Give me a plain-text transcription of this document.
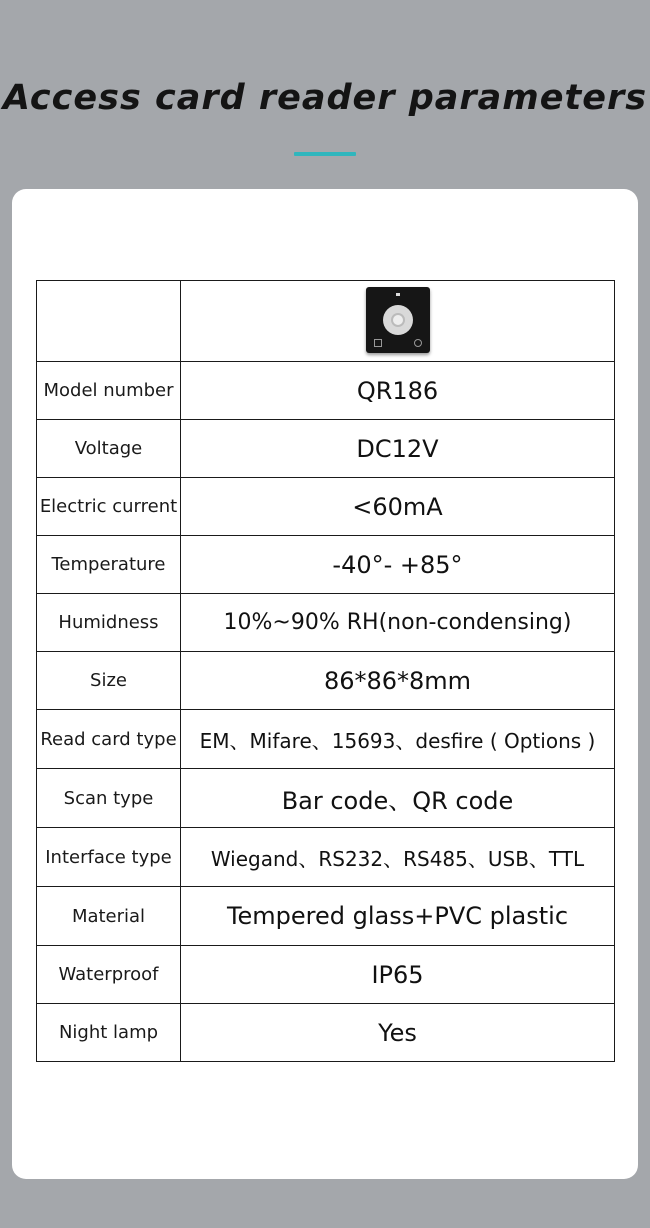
Access card reader parameters

Model number	QR186
Voltage	DC12V
Electric current	<60mA
Temperature	-40°- +85°
Humidness	10%~90% RH(non-condensing)
Size	86*86*8mm
Read card type	EM、Mifare、15693、desfire ( Options )
Scan type	Bar code、QR code
Interface type	Wiegand、RS232、RS485、USB、TTL
Material	Tempered glass+PVC plastic
Waterproof	IP65
Night lamp	Yes
